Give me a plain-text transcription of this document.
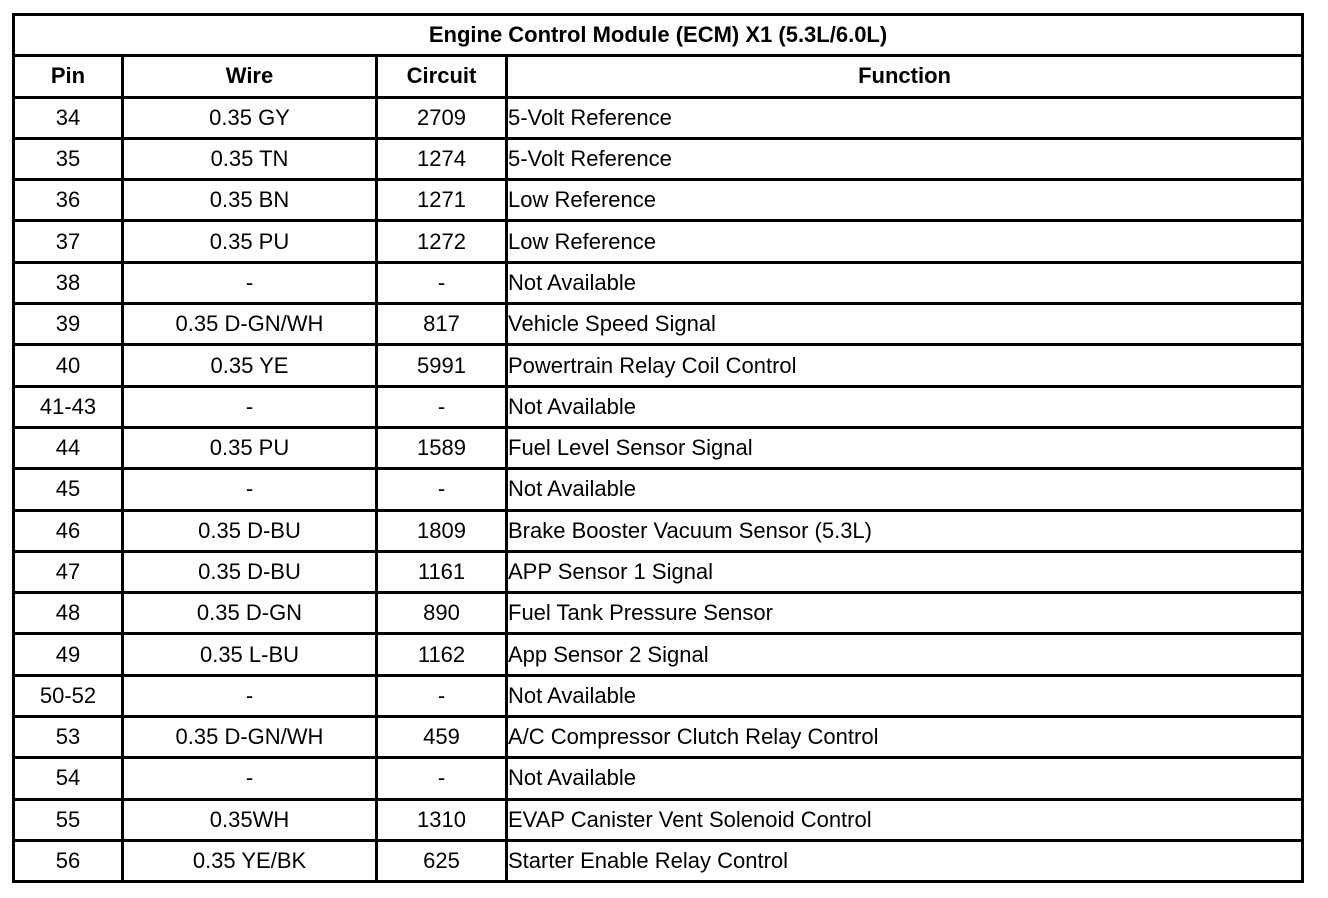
Engine Control Module (ECM) X1 (5.3L/6.0L)			
Pin	Wire	Circuit	Function
34	0.35 GY	2709	5-Volt Reference
35	0.35 TN	1274	5-Volt Reference
36	0.35 BN	1271	Low Reference
37	0.35 PU	1272	Low Reference
38	-	-	Not Available
39	0.35 D-GN/WH	817	Vehicle Speed Signal
40	0.35 YE	5991	Powertrain Relay Coil Control
41-43	-	-	Not Available
44	0.35 PU	1589	Fuel Level Sensor Signal
45	-	-	Not Available
46	0.35 D-BU	1809	Brake Booster Vacuum Sensor (5.3L)
47	0.35 D-BU	1161	APP Sensor 1 Signal
48	0.35 D-GN	890	Fuel Tank Pressure Sensor
49	0.35 L-BU	1162	App Sensor 2 Signal
50-52	-	-	Not Available
53	0.35 D-GN/WH	459	A/C Compressor Clutch Relay Control
54	-	-	Not Available
55	0.35WH	1310	EVAP Canister Vent Solenoid Control
56	0.35 YE/BK	625	Starter Enable Relay Control
